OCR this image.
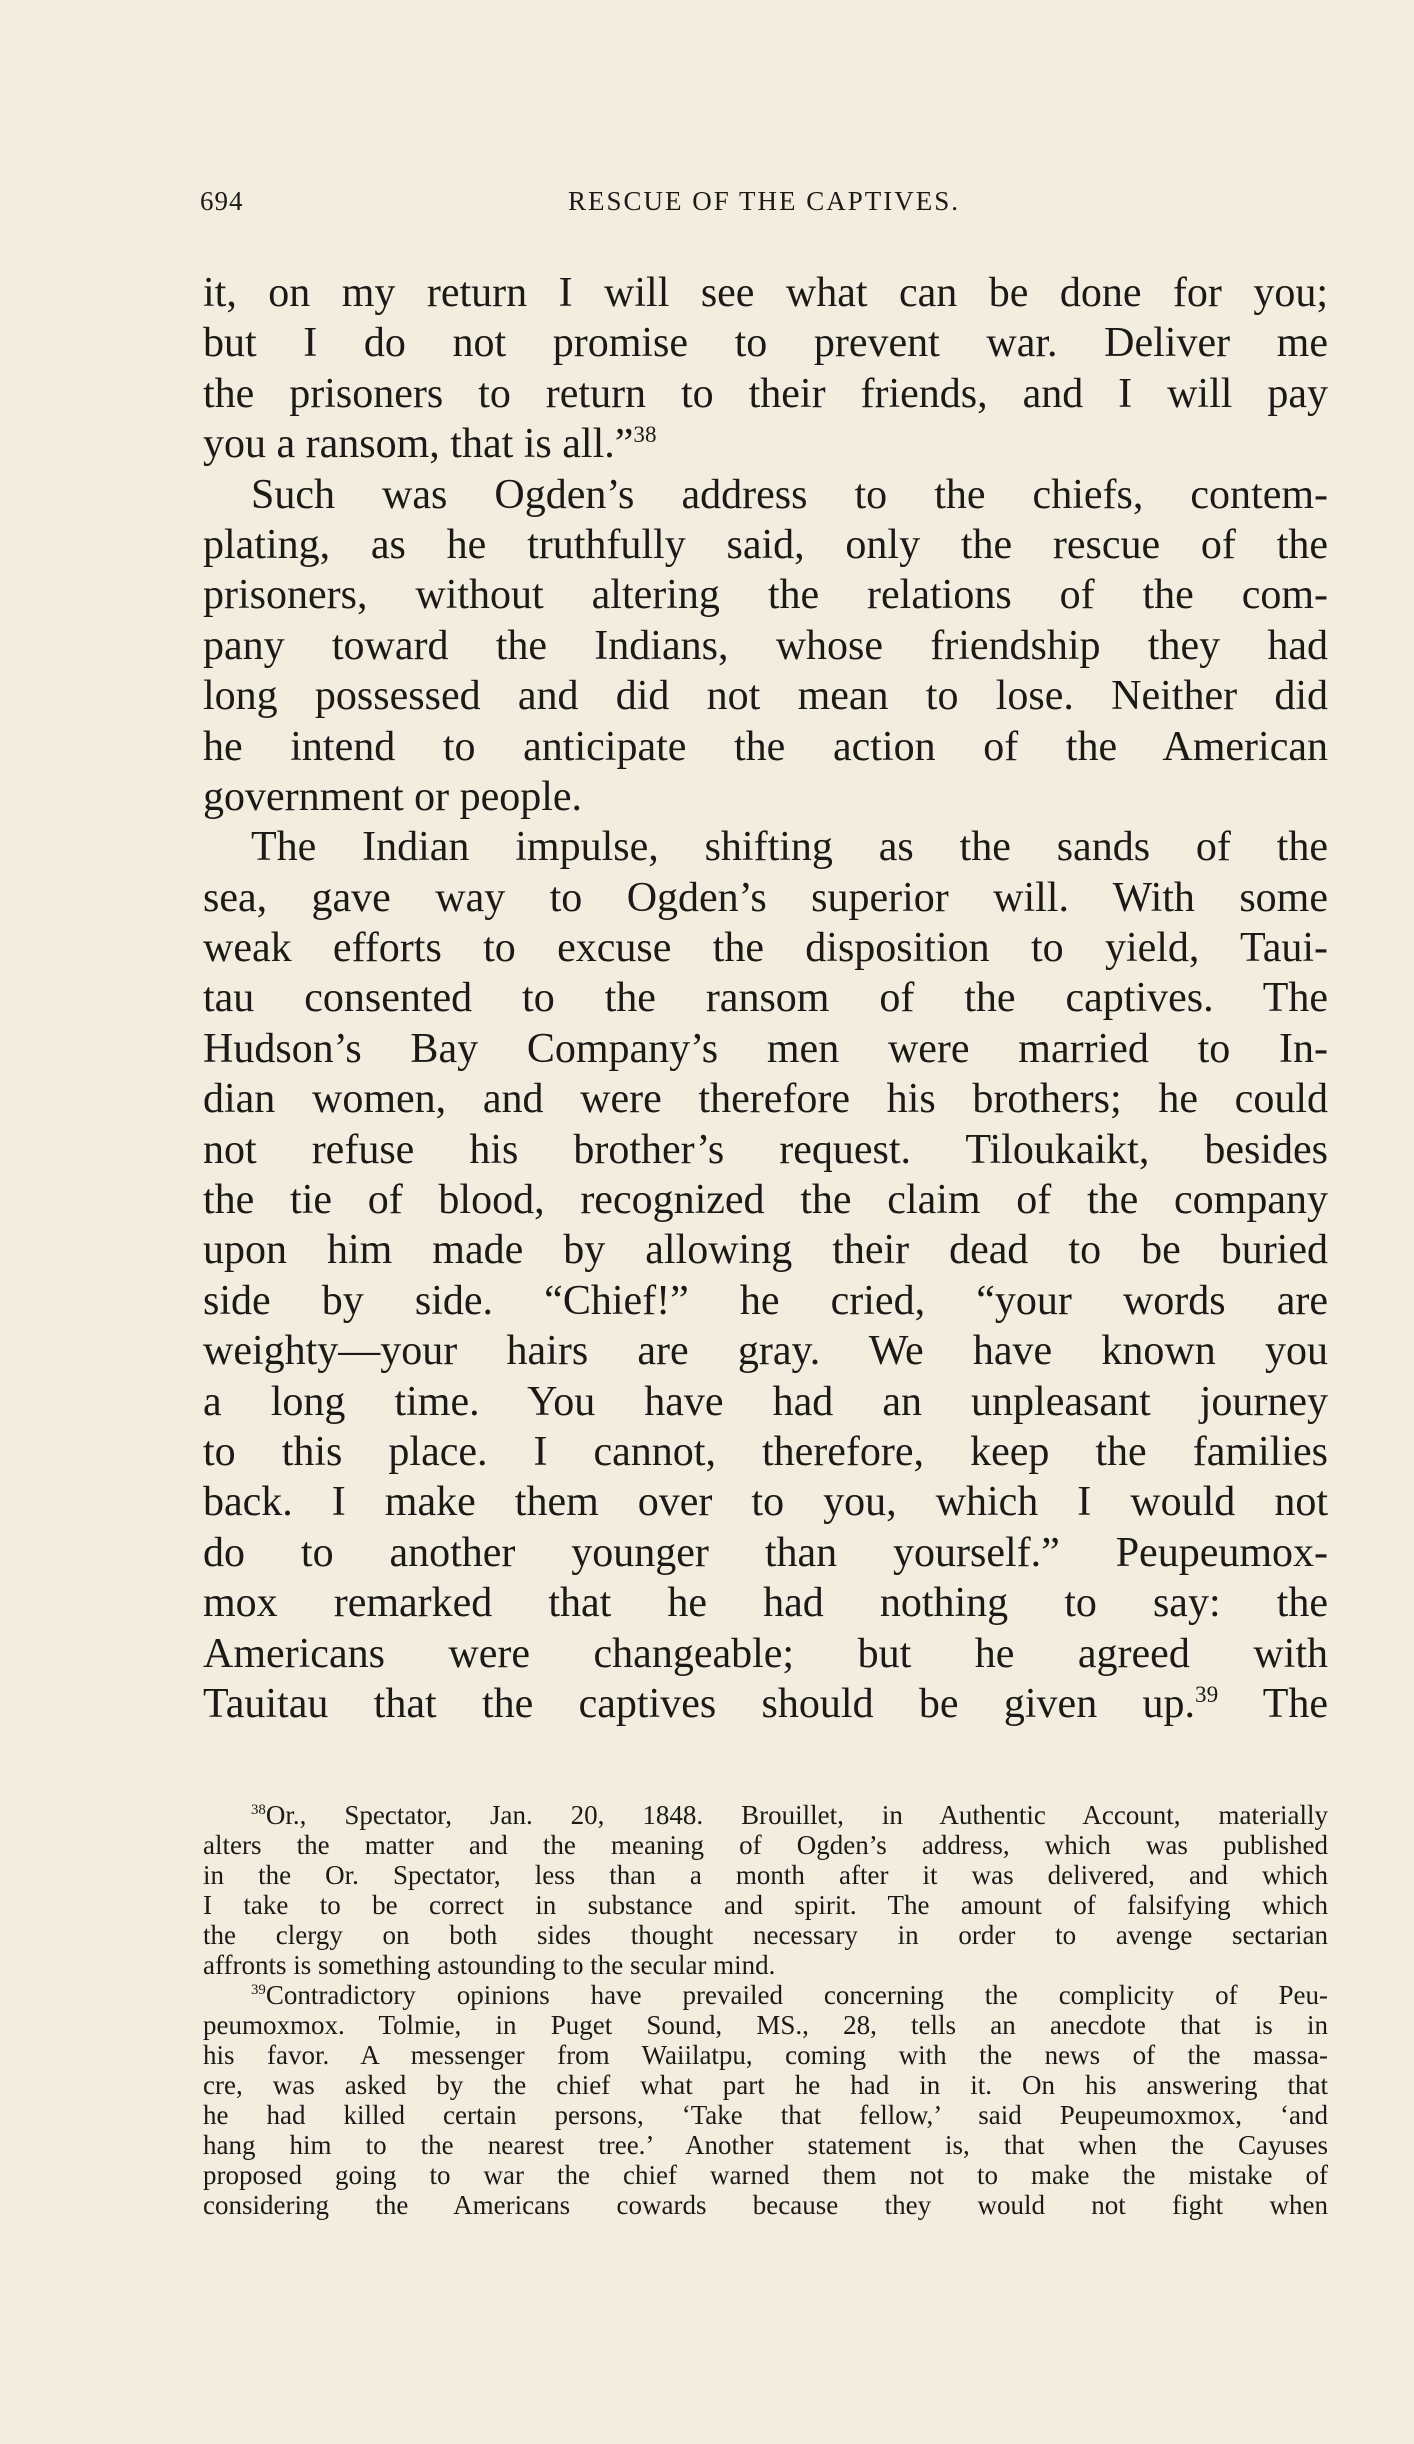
694	RESCUE OF THE CAPTIVES.
it, on my return I will see what can be done for you;
but I do not promise to prevent war. Deliver me
the prisoners to return to their friends, and I will pay
you a ransom, that is all.”$^{38}$
Such was Ogden’s address to the chiefs, contem-
plating, as he truthfully said, only the rescue of the
prisoners, without altering the relations of the com-
pany toward the Indians, whose friendship they had
long possessed and did not mean to lose. Neither did
he intend to anticipate the action of the American
government or people.
The Indian impulse, shifting as the sands of the
sea, gave way to Ogden’s superior will. With some
weak efforts to excuse the disposition to yield, Taui-
tau consented to the ransom of the captives. The
Hudson’s Bay Company’s men were married to In-
dian women, and were therefore his brothers; he could
not refuse his brother’s request. Tiloukaikt, besides
the tie of blood, recognized the claim of the company
upon him made by allowing their dead to be buried
side by side. “Chief!” he cried, “your words are
weighty—your hairs are gray. We have known you
a long time. You have had an unpleasant journey
to this place. I cannot, therefore, keep the families
back. I make them over to you, which I would not
do to another younger than yourself.” Peupeumox-
mox remarked that he had nothing to say: the
Americans were changeable; but he agreed with
Tauitau that the captives should be given up.$^{39}$ The
$^{38}$Or., Spectator, Jan. 20, 1848. Brouillet, in Authentic Account, materially
alters the matter and the meaning of Ogden’s address, which was published
in the Or. Spectator, less than a month after it was delivered, and which
I take to be correct in substance and spirit. The amount of falsifying which
the clergy on both sides thought necessary in order to avenge sectarian
affronts is something astounding to the secular mind.
$^{39}$Contradictory opinions have prevailed concerning the complicity of Peu-
peumoxmox. Tolmie, in Puget Sound, MS., 28, tells an anecdote that is in
his favor. A messenger from Waiilatpu, coming with the news of the massa-
cre, was asked by the chief what part he had in it. On his answering that
he had killed certain persons, ‘Take that fellow,’ said Peupeumoxmox, ‘and
hang him to the nearest tree.’ Another statement is, that when the Cayuses
proposed going to war the chief warned them not to make the mistake of
considering the Americans cowards because they would not fight when
